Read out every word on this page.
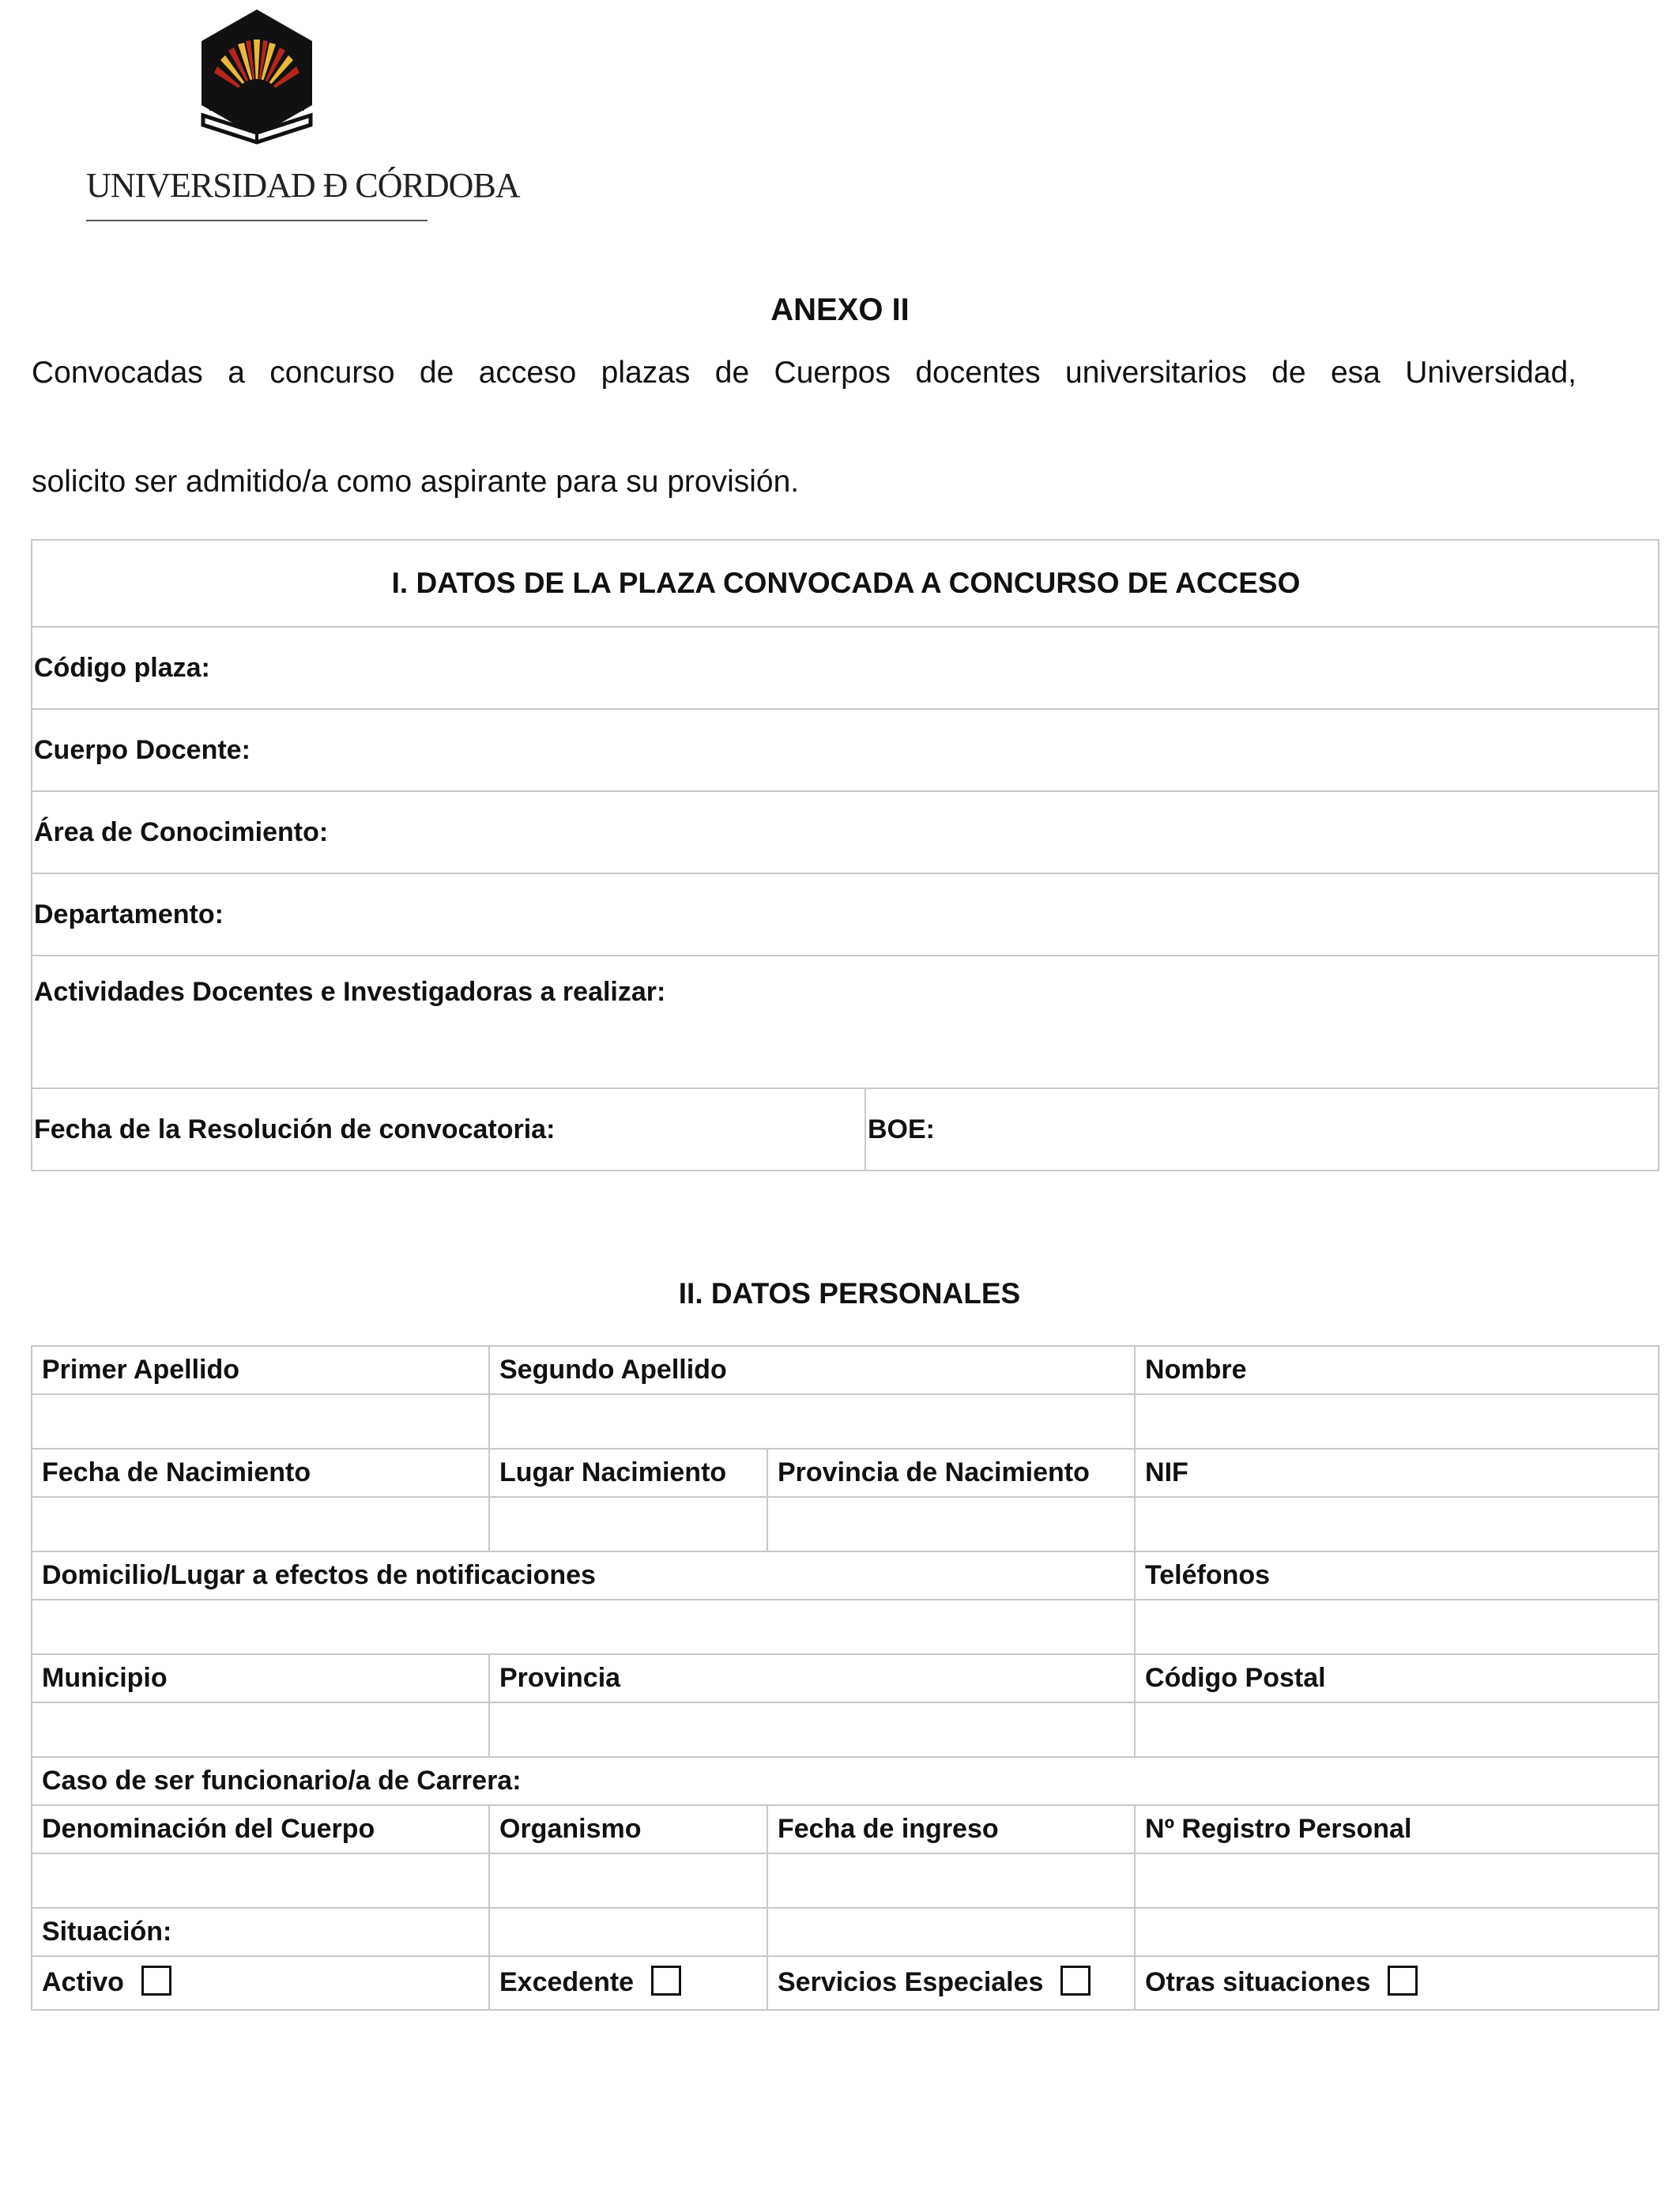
UNIVERSIDAD Ð CÓRDOBA
ANEXO II
Convocadas a concurso de acceso plazas de Cuerpos docentes universitarios de esa Universidad,
solicito ser admitido/a como aspirante para su provisión.
I. DATOS DE LA PLAZA CONVOCADA A CONCURSO DE ACCESO
Código plaza:
Cuerpo Docente:
Área de Conocimiento:
Departamento:
Actividades Docentes e Investigadoras a realizar:
Fecha de la Resolución de convocatoria:	BOE:
II. DATOS PERSONALES
Primer Apellido	Segundo Apellido		Nombre

Fecha de Nacimiento	Lugar Nacimiento	Provincia de Nacimiento	NIF

Domicilio/Lugar a efectos de notificaciones			Teléfonos

Municipio	Provincia		Código Postal

Caso de ser funcionario/a de Carrera:			
Denominación del Cuerpo	Organismo	Fecha de ingreso	Nº Registro Personal

Situación:			
Activo	Excedente	Servicios Especiales	Otras situaciones
